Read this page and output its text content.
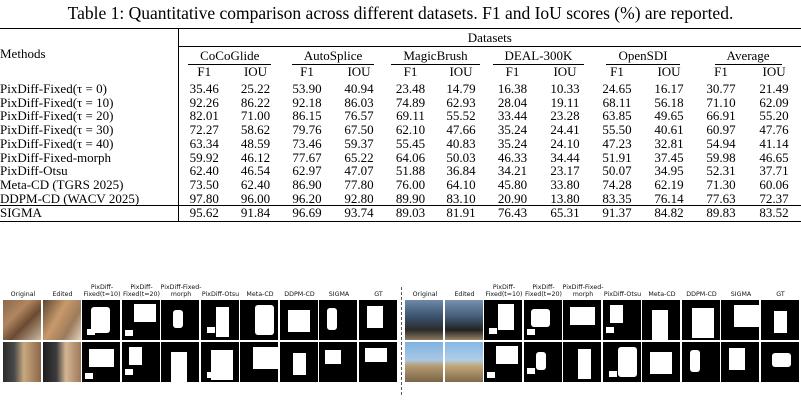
Table 1: Quantitative comparison across different datasets. F1 and IoU scores (%) are reported.
Methods	Datasets											
	CoCoGlide		AutoSplice		MagicBrush		DEAL-300K		OpenSDI		Average	
	F1	IOU	F1	IOU	F1	IOU	F1	IOU	F1	IOU	F1	IOU
PixDiff-Fixed(τ = 0)	35.46	25.22	53.90	40.94	23.48	14.79	16.38	10.33	24.65	16.17	30.77	21.49
PixDiff-Fixed(τ = 10)	92.26	86.22	92.18	86.03	74.89	62.93	28.04	19.11	68.11	56.18	71.10	62.09
PixDiff-Fixed(τ = 20)	82.01	71.00	86.15	76.57	69.11	55.52	33.44	23.28	63.85	49.65	66.91	55.20
PixDiff-Fixed(τ = 30)	72.27	58.62	79.76	67.50	62.10	47.66	35.24	24.41	55.50	40.61	60.97	47.76
PixDiff-Fixed(τ = 40)	63.34	48.59	73.46	59.37	55.45	40.83	35.24	24.10	47.23	32.81	54.94	41.14
PixDiff-Fixed-morph	59.92	46.12	77.67	65.22	64.06	50.03	46.33	34.44	51.91	37.45	59.98	46.65
PixDiff-Otsu	62.40	46.54	62.97	47.07	51.88	36.84	34.21	23.17	50.07	34.95	52.31	37.71
Meta-CD (TGRS 2025)	73.50	62.40	86.90	77.80	76.00	64.10	45.80	33.80	74.28	62.19	71.30	60.06
DDPM-CD (WACV 2025)	97.80	96.00	96.20	92.80	89.90	83.10	20.90	13.80	83.35	76.14	77.63	72.37
SIGMA	95.62	91.84	96.69	93.74	89.03	81.91	76.43	65.31	91.37	84.82	89.83	83.52
Original	Edited
PixDiff-Fixed(t=10)
PixDiff-Fixed(t=20)
PixDiff-Fixed-morph	PixDiff-Otsu	Meta-CD	DDPM-CD	SIGMA	GT	Original	Edited
PixDiff-Fixed(t=10)
PixDiff-Fixed(t=20)
PixDiff-Fixed-morph	PixDiff-Otsu	Meta-CD	DDPM-CD	SIGMA	GT
